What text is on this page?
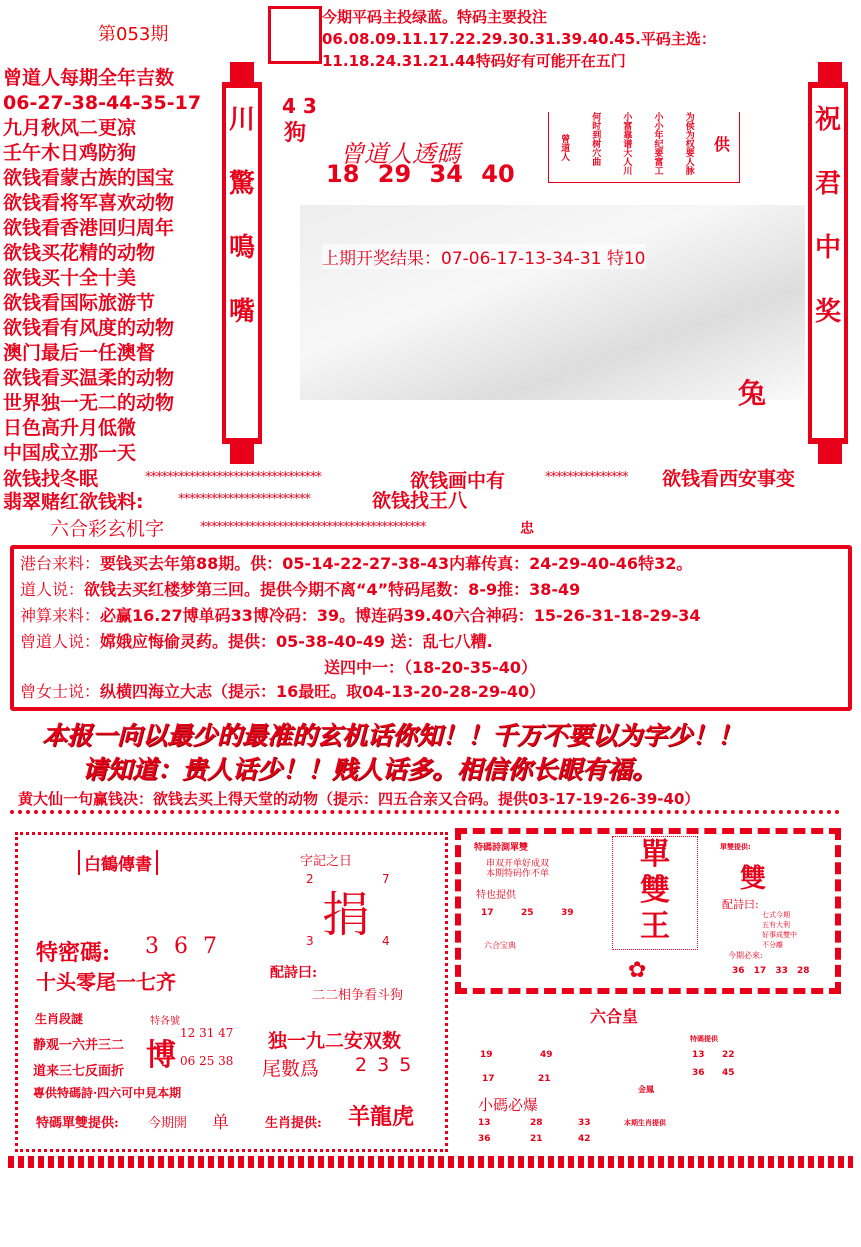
第053期
今期平码主投绿蓝。特码主要投注06.08.09.11.17.22.29.30.31.39.40.45.平码主选：11.18.24.31.21.44特码好有可能开在五门
曾道人每期全年吉数
06-27-38-44-35-17
九月秋风二更凉
壬午木日鸡防狗
欲钱看蒙古族的国宝
欲钱看将军喜欢动物
欲钱看香港回归周年
欲钱买花精的动物
欲钱买十全十美
欲钱看国际旅游节
欲钱看有风度的动物
澳门最后一任澳督
欲钱看买温柔的动物
世界独一无二的动物
日色高升月低微
中国成立那一天
川
驚
鳴
嘴
祝
君
中
奖
4 3
狗
曾道人透碼
18 29 34 40
曾道人 何时到树穴曲 小富靠谱大人川 小小年纪要富工 为侯为权要人脉 供
上期开奖结果：07-06-17-13-34-31 特10
兔
欲钱找冬眠	********************************	欲钱画中有	*************** 欲钱看西安事变
翡翠赌红欲钱料:	************************	欲钱找王八
六合彩玄机字	*****************************************	忠
港台来料：要钱买去年第88期。供：05-14-22-27-38-43内幕传真：24-29-40-46特32。
道人说：欲钱去买红楼梦第三回。提供今期不离“4”特码尾数：8-9推：38-49
神算来料：必赢16.27博单码33博冷码：39。博连码39.40六合神码：15-26-31-18-29-34
曾道人说：嫦娥应悔偷灵药。提供：05-38-40-49 送：乱七八糟.
送四中一：（18-20-35-40）
曾女士说：纵横四海立大志（提示：16最旺。取04-13-20-28-29-40）
本报一向以最少的最准的玄机话你知！！千万不要以为字少！！
请知道：贵人话少！！贱人话多。相信你长眼有福。
黄大仙一句赢钱决：欲钱去买上得天堂的动物（提示：四五合亲又合码。提供03-17-19-26-39-40）
白鶴傳書	字記之日
2	7
捐
3	4
特密碼: 3 6 7
十头零尾一七齐	配詩曰:
二二相争看斗狗
生肖段謎
静观一六并三二
道来三七反面折
特各號
博
12 31 47
06 25 38
独一九二安双数
尾數爲 2 3 5
專供特碼詩·四六可中見本期
特碼單雙提供: 今期開 单	生肖提供: 羊龍虎
特碼詩測單雙
串双开单好成双
本期特码作不单
特也提供
17	25	39
六合宝典
單
雙
王
✿
單雙提供:
雙
配詩曰:
七式今期
五有大利
好事成雙中
不分離
今期必來:
36 17 33 28
六合皇
19	49
17	21
特碼提供
13 22
36 45
金鳳
小碼必爆
13	28	33
36	21	42
本期生肖提供
